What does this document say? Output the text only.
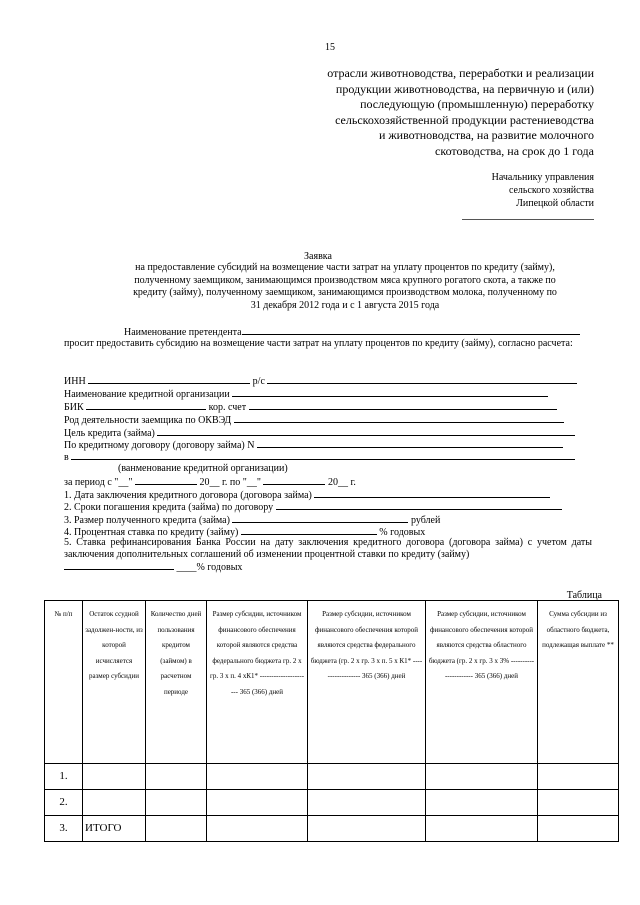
15
отрасли животноводства, переработки и реализации
продукции животноводства, на первичную и (или)
последующую (промышленную) переработку
сельскохозяйственной продукции растениеводства
и животноводства, на развитие молочного
скотоводства, на срок до 1 года
Начальнику управления
сельского хозяйства
Липецкой области
Заявка
на предоставление субсидий на возмещение части затрат на уплату процентов по кредиту (займу),
полученному заемщиком, занимающимся производством мяса крупного рогатого скота, а также по
кредиту (займу), полученному заемщиком, занимающимся производством молока, полученному по
31 декабря 2012 года и с 1 августа 2015 года
Наименование претендента
просит предоставить субсидию на возмещение части затрат на уплату процентов по кредиту (займу), согласно расчета:
ИНН	р/с
Наименование кредитной организации
БИК	кор. счет
Род деятельности заемщика по ОКВЭД
Цель кредита (займа)
По кредитному договору (договору займа) N
в
(ванменование кредитной организации)
за период с "__"	20__ г. по "__"	20__ г.
1. Дата заключения кредитного договора (договора займа)
2. Сроки погашения кредита (займа) по договору
3. Размер полученного кредита (займа)	рублей
4. Процентная ставка по кредиту (займу)	% годовых
5. Ставка рефинансирования Банка России на дату заключения кредитного договора (договора займа) с учетом даты заключения дополнительных соглашений об изменении процентной ставки по кредиту (займу)
____% годовых
Таблица
№ п/п	Остаток ссудной задолжен-ности, из которой исчисляется размер субсидии	Количество дней пользования кредитом (займом) в расчетном периоде	Размер субсидии, источником финансового обеспечения которой являются средства федерального бюджета гр. 2 х гр. 3 х п. 4 хК1* ---------------------- 365 (366) дней	Размер субсидии, источником финансового обеспечения которой являются средства федерального бюджета (гр. 2 х гр. 3 х п. 5 х К1* ------------------ 365 (366) дней	Размер субсидии, источником финансового обеспечения которой являются средства областного бюджета (гр. 2 х гр. 3 х 3% ---------------------- 365 (366) дней	Сумма субсидии из областного бюджета, подлежащая выплате **
1.						
2.						
3.	ИТОГО					
